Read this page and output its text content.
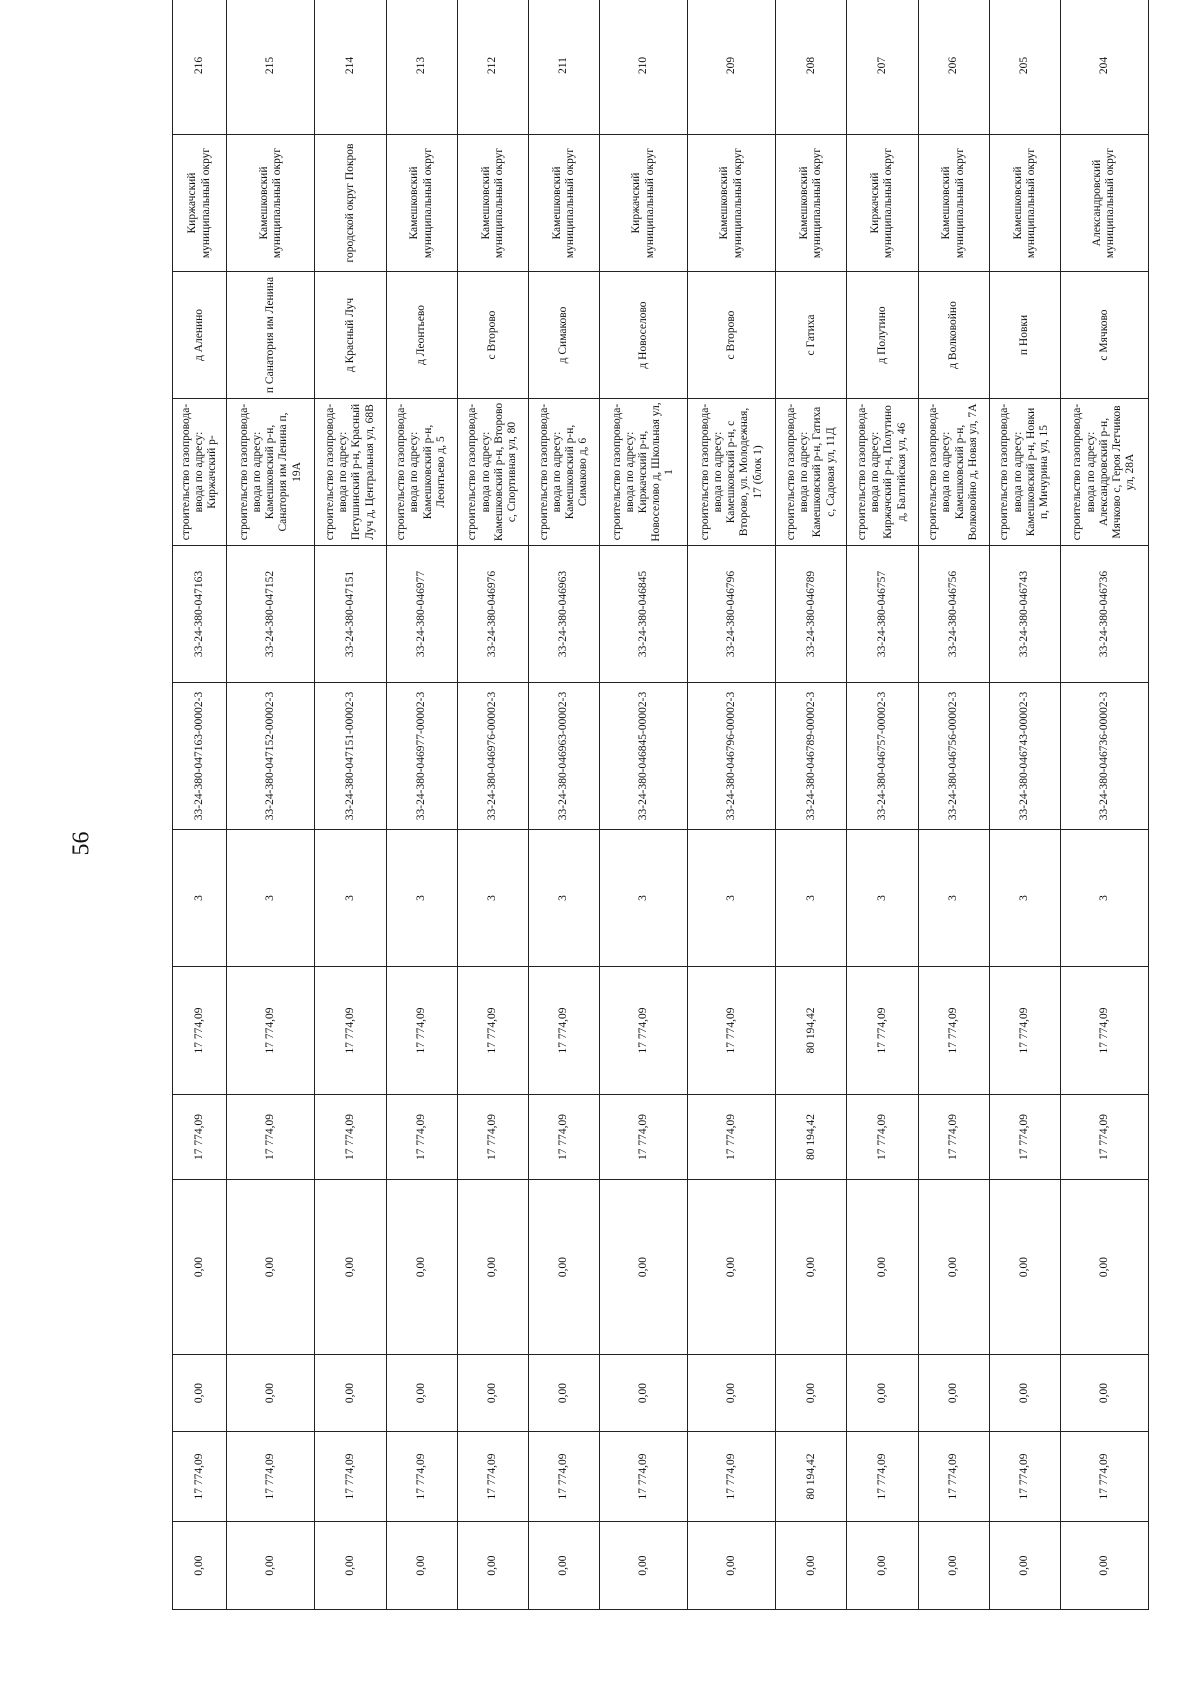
56
0,00	17 774,09	0,00	0,00	17 774,09	17 774,09	3	33-24-380-047163-00002-3	33-24-380-047163	строительство газопровода-ввода по адресу: Киржачский р-	д Аленино	Киржачский муниципальный округ	216
0,00	17 774,09	0,00	0,00	17 774,09	17 774,09	3	33-24-380-047152-00002-3	33-24-380-047152	строительство газопровода-ввода по адресу: Камешковский р-н, Санатория им Ленина п, 19А	п Санатория им Ленина	Камешковский муниципальный округ	215
0,00	17 774,09	0,00	0,00	17 774,09	17 774,09	3	33-24-380-047151-00002-3	33-24-380-047151	строительство газопровода-ввода по адресу: Петушинский р-н, Красный Луч д, Центральная ул, 68В	д Красный Луч	городской округ Покров	214
0,00	17 774,09	0,00	0,00	17 774,09	17 774,09	3	33-24-380-046977-00002-3	33-24-380-046977	строительство газопровода-ввода по адресу: Камешковский р-н, Леонтьево д, 5	д Леонтьево	Камешковский муниципальный округ	213
0,00	17 774,09	0,00	0,00	17 774,09	17 774,09	3	33-24-380-046976-00002-3	33-24-380-046976	строительство газопровода-ввода по адресу: Камешковский р-н, Второво с, Спортивная ул, 80	с Второво	Камешковский муниципальный округ	212
0,00	17 774,09	0,00	0,00	17 774,09	17 774,09	3	33-24-380-046963-00002-3	33-24-380-046963	строительство газопровода-ввода по адресу: Камешковский р-н, Симаково д, 6	д Симаково	Камешковский муниципальный округ	211
0,00	17 774,09	0,00	0,00	17 774,09	17 774,09	3	33-24-380-046845-00002-3	33-24-380-046845	строительство газопровода-ввода по адресу: Киржачский р-н, Новоселово д, Школьная ул, 1	д Новоселово	Киржачский муниципальный округ	210
0,00	17 774,09	0,00	0,00	17 774,09	17 774,09	3	33-24-380-046796-00002-3	33-24-380-046796	строительство газопровода-ввода по адресу: Камешковский р-н, с Второво, ул. Молодежная, 17 (блок 1)	с Второво	Камешковский муниципальный округ	209
0,00	80 194,42	0,00	0,00	80 194,42	80 194,42	3	33-24-380-046789-00002-3	33-24-380-046789	строительство газопровода-ввода по адресу: Камешковский р-н, Гатиха с, Садовая ул, 11Д	с Гатиха	Камешковский муниципальный округ	208
0,00	17 774,09	0,00	0,00	17 774,09	17 774,09	3	33-24-380-046757-00002-3	33-24-380-046757	строительство газопровода-ввода по адресу: Киржачский р-н, Полутино д, Балтийская ул, 46	д Полутино	Киржачский муниципальный округ	207
0,00	17 774,09	0,00	0,00	17 774,09	17 774,09	3	33-24-380-046756-00002-3	33-24-380-046756	строительство газопровода-ввода по адресу: Камешковский р-н, Волковойно д, Новая ул, 7А	д Волковойно	Камешковский муниципальный округ	206
0,00	17 774,09	0,00	0,00	17 774,09	17 774,09	3	33-24-380-046743-00002-3	33-24-380-046743	строительство газопровода-ввода по адресу: Камешковский р-н, Новки п, Мичурина ул, 15	п Новки	Камешковский муниципальный округ	205
0,00	17 774,09	0,00	0,00	17 774,09	17 774,09	3	33-24-380-046736-00002-3	33-24-380-046736	строительство газопровода-ввода по адресу: Александровский р-н, Мячково с, Героя Летчиков ул, 28А	с Мячково	Александровский муниципальный округ	204
